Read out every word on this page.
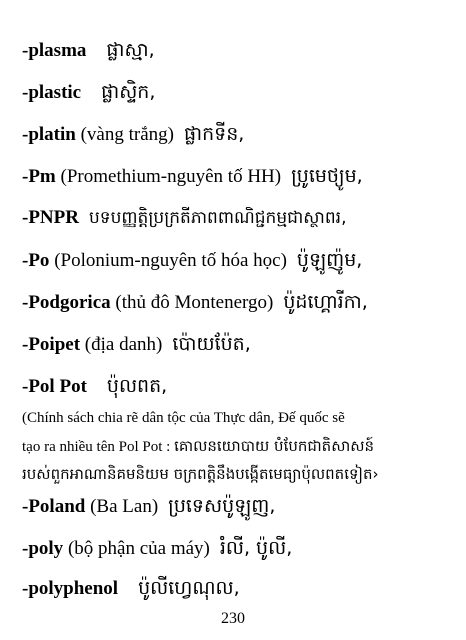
-plasma ផ្លាស្មា,
-plastic ផ្លាស្ទិក,
-platin (vàng trắng) ផ្លាកទីន,
-Pm (Promethium-nguyên tố HH) ប្រូមេថ្យូម,
-PNPR បទបញ្ញត្តិប្រក្រតីភាពពាណិជ្ជកម្មជាស្ថាពរ,
-Po (Polonium-nguyên tố hóa học) ប៉ូឡូញ៉ូម,
-Podgorica (thủ đô Montenergo) ប៉ូដហ្គោរីកា,
-Poipet (địa danh) ប៉ោយប៉ែត,
-Pol Pot ប៉ុលពត,
(Chính sách chia rẽ dân tộc của Thực dân, Đế quốc sẽ
tạo ra nhiều tên Pol Pot : គោលនយោបាយ បំបែកជាតិសាសន៍
របស់ពួកអាណានិគមនិយម ចក្រពត្តិនឹងបង្កើតមេធ្យាប៉ុលពតទៀត›
-Poland (Ba Lan) ប្រទេសប៉ូឡូញ,
-poly (bộ phận của máy) រំលី, ប៉ូលី,
-polyphenol ប៉ូលីហ្វេណុល,
230
